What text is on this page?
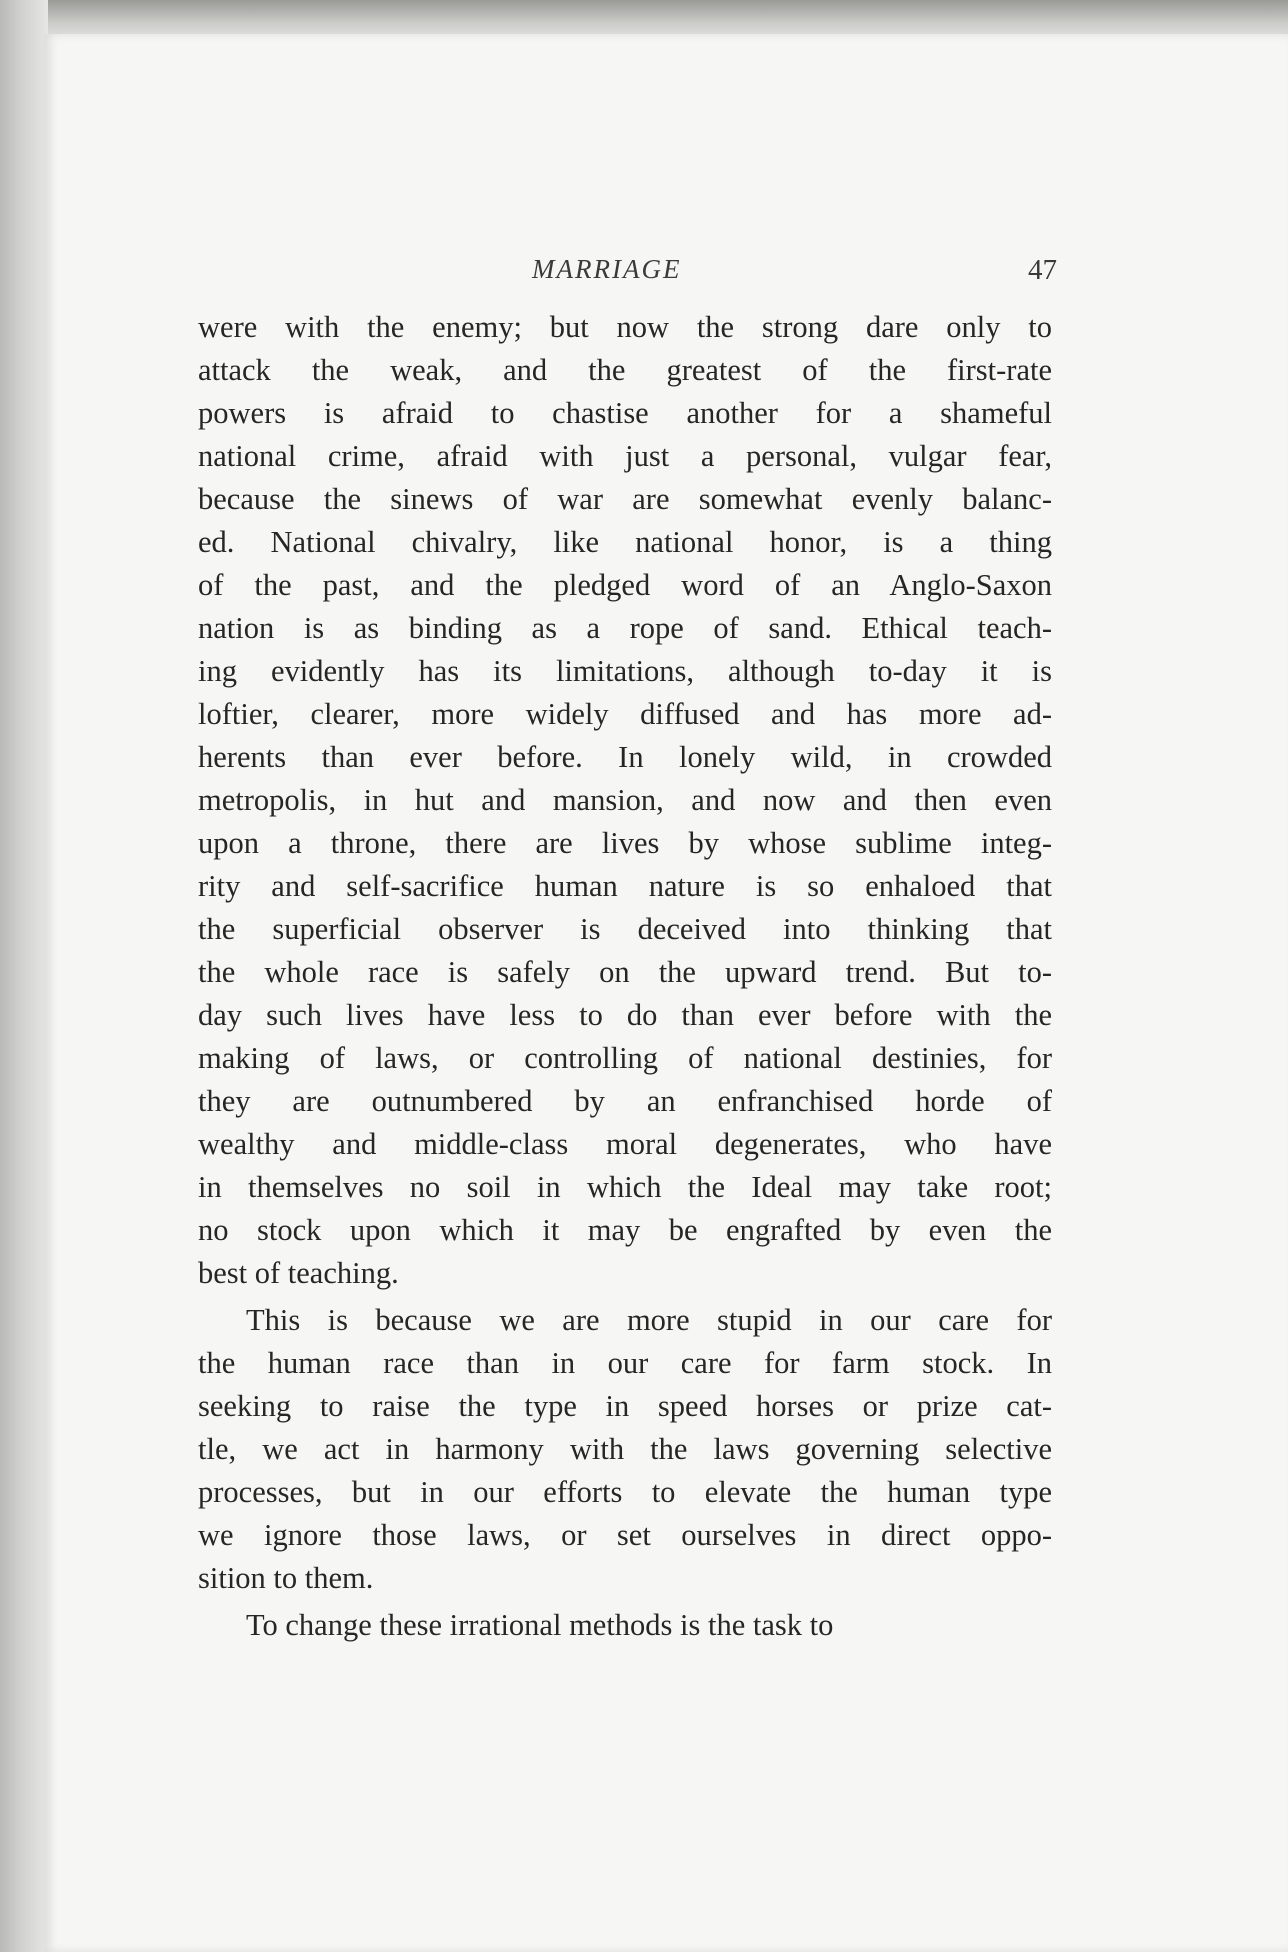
MARRIAGE	47
were with the enemy; but now the strong dare only to
attack the weak, and the greatest of the first-rate
powers is afraid to chastise another for a shameful
national crime, afraid with just a personal, vulgar fear,
because the sinews of war are somewhat evenly balanc-
ed. National chivalry, like national honor, is a thing
of the past, and the pledged word of an Anglo-Saxon
nation is as binding as a rope of sand. Ethical teach-
ing evidently has its limitations, although to-day it is
loftier, clearer, more widely diffused and has more ad-
herents than ever before. In lonely wild, in crowded
metropolis, in hut and mansion, and now and then even
upon a throne, there are lives by whose sublime integ-
rity and self-sacrifice human nature is so enhaloed that
the superficial observer is deceived into thinking that
the whole race is safely on the upward trend. But to-
day such lives have less to do than ever before with the
making of laws, or controlling of national destinies, for
they are outnumbered by an enfranchised horde of
wealthy and middle-class moral degenerates, who have
in themselves no soil in which the Ideal may take root;
no stock upon which it may be engrafted by even the
best of teaching.
This is because we are more stupid in our care for
the human race than in our care for farm stock. In
seeking to raise the type in speed horses or prize cat-
tle, we act in harmony with the laws governing selective
processes, but in our efforts to elevate the human type
we ignore those laws, or set ourselves in direct oppo-
sition to them.
To change these irrational methods is the task to
